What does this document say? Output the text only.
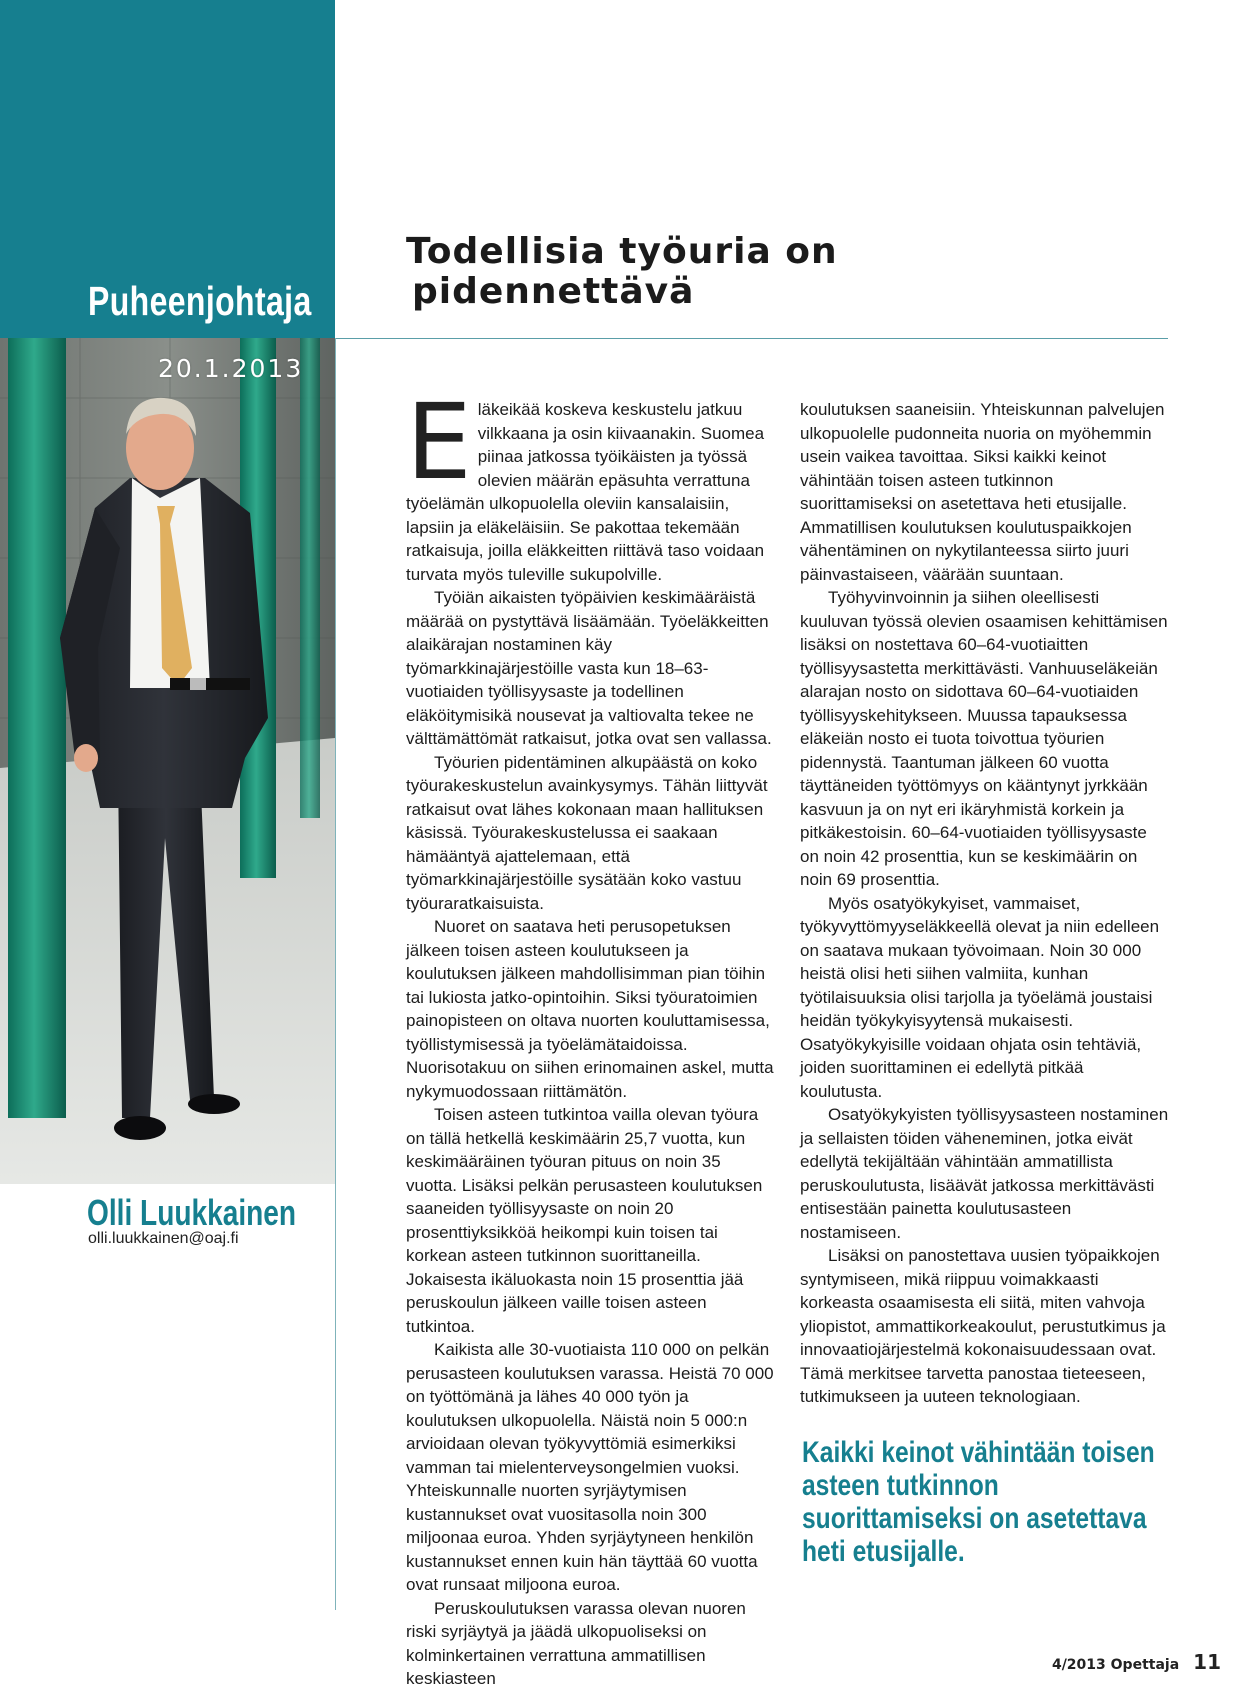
Puheenjohtaja
Todellisia työuria on
pidennettävä
20.1.2013
Olli Luukkainen
olli.luukkainen@oaj.fi

Eläkeikää koskeva keskustelu jatkuu vilkkaana ja osin kiivaanakin. Suomea piinaa jatkossa työikäisten ja työssä olevien määrän epäsuhta verrattuna työelämän ulkopuolella oleviin kansalaisiin, lapsiin ja eläkeläisiin. Se pakottaa tekemään ratkaisuja, joilla eläkkeitten riittävä taso voidaan turvata myös tuleville sukupolville.

Työiän aikaisten työpäivien keskimääräistä määrää on pystyttävä lisäämään. Työeläkkeitten alaikärajan nostaminen käy työmarkkinajärjestöille vasta kun 18–63-vuotiaiden työllisyysaste ja todellinen eläköitymisikä nousevat ja valtiovalta tekee ne välttämättömät ratkaisut, jotka ovat sen vallassa.

Työurien pidentäminen alkupäästä on koko työurakeskustelun avainkysymys. Tähän liittyvät ratkaisut ovat lähes kokonaan maan hallituksen käsissä. Työurakeskustelussa ei saakaan hämääntyä ajattelemaan, että työmarkkinajärjestöille sysätään koko vastuu työuraratkaisuista.

Nuoret on saatava heti perusopetuksen jälkeen toisen asteen koulutukseen ja koulutuksen jälkeen mahdollisimman pian töihin tai lukiosta jatko-opintoihin. Siksi työuratoimien painopisteen on oltava nuorten kouluttamisessa, työllistymisessä ja työelämätaidoissa. Nuorisotakuu on siihen erinomainen askel, mutta nykymuodossaan riittämätön.

Toisen asteen tutkintoa vailla olevan työura on tällä hetkellä keskimäärin 25,7 vuotta, kun keskimääräinen työuran pituus on noin 35 vuotta. Lisäksi pelkän perusasteen koulutuksen saaneiden työllisyysaste on noin 20 prosenttiyksikköä heikompi kuin toisen tai korkean asteen tutkinnon suorittaneilla. Jokaisesta ikäluokasta noin 15 prosenttia jää peruskoulun jälkeen vaille toisen asteen tutkintoa.

Kaikista alle 30-vuotiaista 110 000 on pelkän perusasteen koulutuksen varassa. Heistä 70 000 on työttömänä ja lähes 40 000 työn ja koulutuksen ulkopuolella. Näistä noin 5 000:n arvioidaan olevan työkyvyttömiä esimerkiksi vamman tai mielenterveysongelmien vuoksi. Yhteiskunnalle nuorten syrjäytymisen kustannukset ovat vuositasolla noin 300 miljoonaa euroa. Yhden syrjäytyneen henkilön kustannukset ennen kuin hän täyttää 60 vuotta ovat runsaat miljoona euroa.

Peruskoulutuksen varassa olevan nuoren riski syrjäytyä ja jäädä ulkopuoliseksi on kolminkertainen verrattuna ammatillisen keskiasteen

koulutuksen saaneisiin. Yhteiskunnan palvelujen ulkopuolelle pudonneita nuoria on myöhemmin usein vaikea tavoittaa. Siksi kaikki keinot vähintään toisen asteen tutkinnon suorittamiseksi on asetettava heti etusijalle. Ammatillisen koulutuksen koulutuspaikkojen vähentäminen on nykytilanteessa siirto juuri päinvastaiseen, väärään suuntaan.

Työhyvinvoinnin ja siihen oleellisesti kuuluvan työssä olevien osaamisen kehittämisen lisäksi on nostettava 60–64-vuotiaitten työllisyysastetta merkittävästi. Vanhuuseläkeiän alarajan nosto on sidottava 60–64-vuotiaiden työllisyyskehitykseen. Muussa tapauksessa eläkeiän nosto ei tuota toivottua työurien pidennystä. Taantuman jälkeen 60 vuotta täyttäneiden työttömyys on kääntynyt jyrkkään kasvuun ja on nyt eri ikäryhmistä korkein ja pitkäkestoisin. 60–64-vuotiaiden työllisyysaste on noin 42 prosenttia, kun se keskimäärin on noin 69 prosenttia.

Myös osatyökykyiset, vammaiset, työkyvyttömyyseläkkeellä olevat ja niin edelleen on saatava mukaan työvoimaan. Noin 30 000 heistä olisi heti siihen valmiita, kunhan työtilaisuuksia olisi tarjolla ja työelämä joustaisi heidän työkykyisyytensä mukaisesti. Osatyökykyisille voidaan ohjata osin tehtäviä, joiden suorittaminen ei edellytä pitkää koulutusta.

Osatyökykyisten työllisyysasteen nostaminen ja sellaisten töiden väheneminen, jotka eivät edellytä tekijältään vähintään ammatillista peruskoulutusta, lisäävät jatkossa merkittävästi entisestään painetta koulutusasteen nostamiseen.

Lisäksi on panostettava uusien työpaikkojen syntymiseen, mikä riippuu voimakkaasti korkeasta osaamisesta eli siitä, miten vahvoja yliopistot, ammattikorkeakoulut, perustutkimus ja innovaatiojärjestelmä kokonaisuudessaan ovat. Tämä merkitsee tarvetta panostaa tieteeseen, tutkimukseen ja uuteen teknologiaan.

Kaikki keinot vähintään toisen asteen tutkinnon suorittamiseksi on asetettava heti etusijalle.
4/2013 Opettaja 11
